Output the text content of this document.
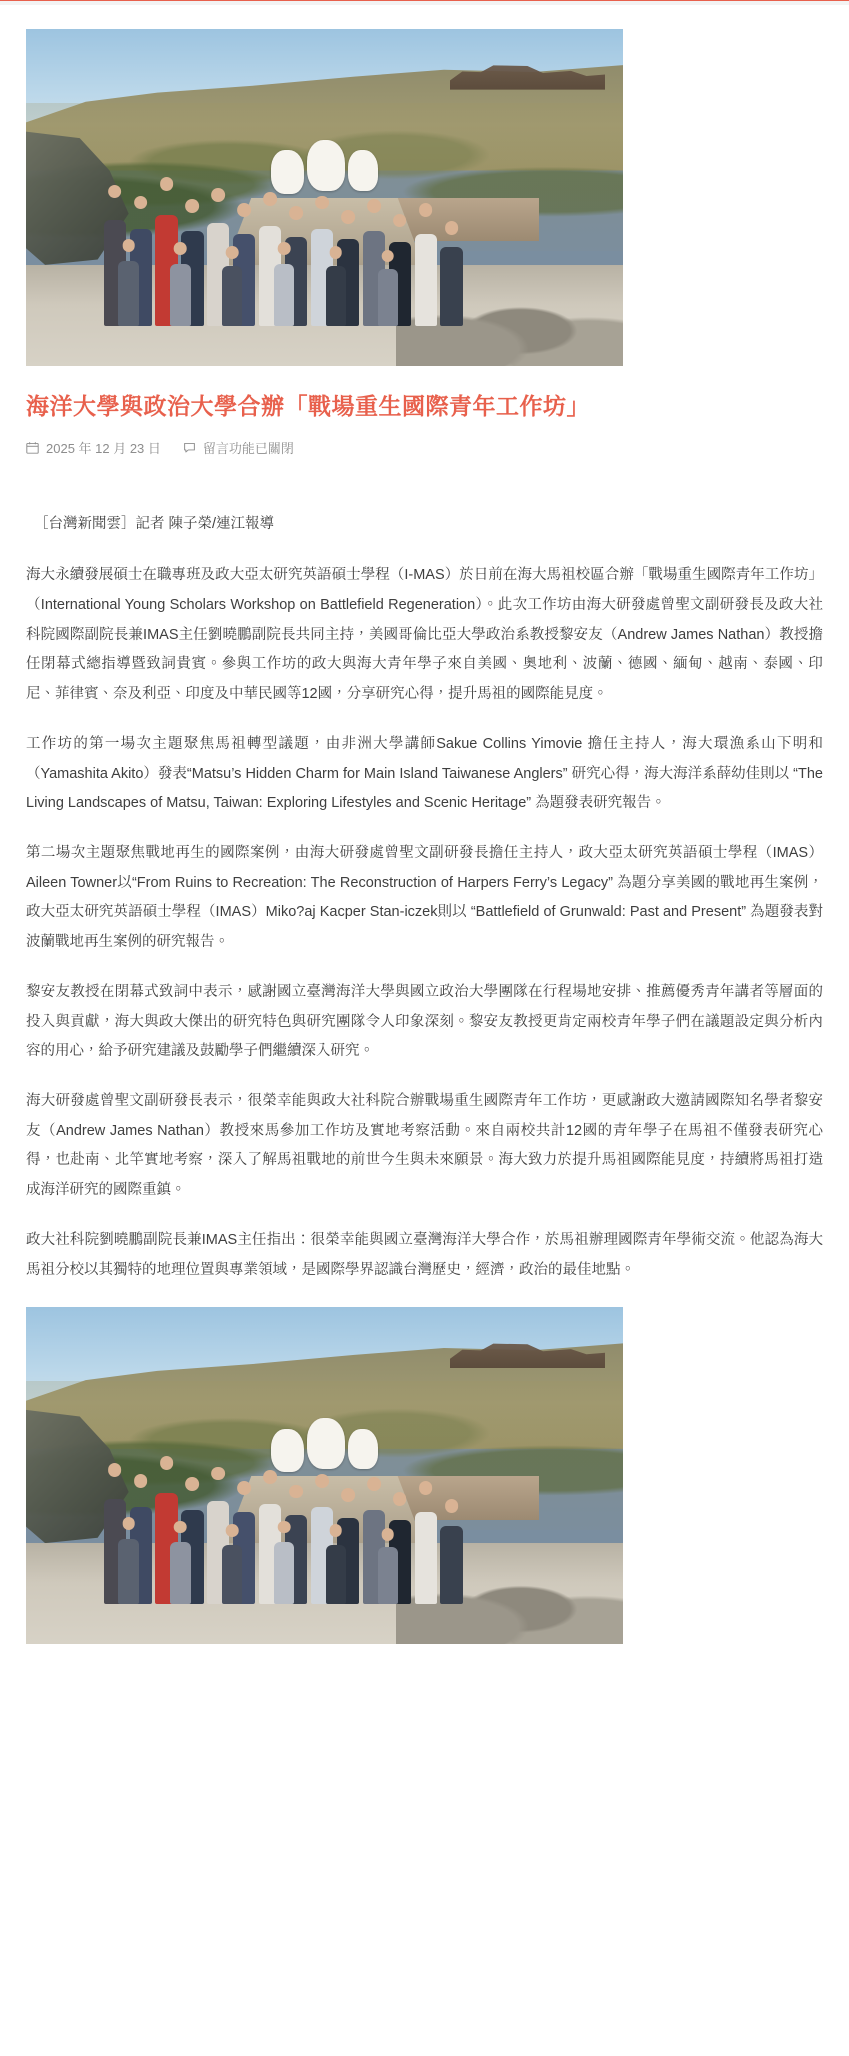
海洋大學與政治大學合辦「戰場重生國際青年工作坊」
2025 年 12 月 23 日	留言功能已關閉

［台灣新聞雲］記者 陳子榮/連江報導

海大永續發展碩士在職專班及政大亞太研究英語碩士學程（I-MAS）於日前在海大馬祖校區合辦「戰場重生國際青年工作坊」（International Young Scholars Workshop on Battlefield Regeneration）。此次工作坊由海大研發處曾聖文副研發長及政大社科院國際副院長兼IMAS主任劉曉鵬副院長共同主持，美國哥倫比亞大學政治系教授黎安友（Andrew James Nathan）教授擔任閉幕式總指導暨致詞貴賓。參與工作坊的政大與海大青年學子來自美國、奧地利、波蘭、德國、緬甸、越南、泰國、印尼、菲律賓、奈及利亞、印度及中華民國等12國，分享研究心得，提升馬祖的國際能見度。

工作坊的第一場次主題聚焦馬祖轉型議題，由非洲大學講師Sakue Collins Yimovie 擔任主持人，海大環漁系山下明和（Yamashita Akito）發表“Matsu’s Hidden Charm for Main Island Taiwanese Anglers” 研究心得，海大海洋系薛幼佳則以 “The Living Landscapes of Matsu, Taiwan: Exploring Lifestyles and Scenic Heritage” 為題發表研究報告。

第二場次主題聚焦戰地再生的國際案例，由海大研發處曾聖文副研發長擔任主持人，政大亞太研究英語碩士學程（IMAS）Aileen Towner以“From Ruins to Recreation: The Reconstruction of Harpers Ferry’s Legacy” 為題分享美國的戰地再生案例，政大亞太研究英語碩士學程（IMAS）Miko?aj Kacper Stan-iczek則以 “Battlefield of Grunwald: Past and Present” 為題發表對波蘭戰地再生案例的研究報告。

黎安友教授在閉幕式致詞中表示，感謝國立臺灣海洋大學與國立政治大學團隊在行程場地安排、推薦優秀青年講者等層面的投入與貢獻，海大與政大傑出的研究特色與研究團隊令人印象深刻。黎安友教授更肯定兩校青年學子們在議題設定與分析內容的用心，給予研究建議及鼓勵學子們繼續深入研究。

海大研發處曾聖文副研發長表示，很榮幸能與政大社科院合辦戰場重生國際青年工作坊，更感謝政大邀請國際知名學者黎安友（Andrew James Nathan）教授來馬參加工作坊及實地考察活動。來自兩校共計12國的青年學子在馬祖不僅發表研究心得，也赴南、北竿實地考察，深入了解馬祖戰地的前世今生與未來願景。海大致力於提升馬祖國際能見度，持續將馬祖打造成海洋研究的國際重鎮。

政大社科院劉曉鵬副院長兼IMAS主任指出：很榮幸能與國立臺灣海洋大學合作，於馬祖辦理國際青年學術交流。他認為海大馬祖分校以其獨特的地理位置與專業領域，是國際學界認識台灣歷史，經濟，政治的最佳地點。
